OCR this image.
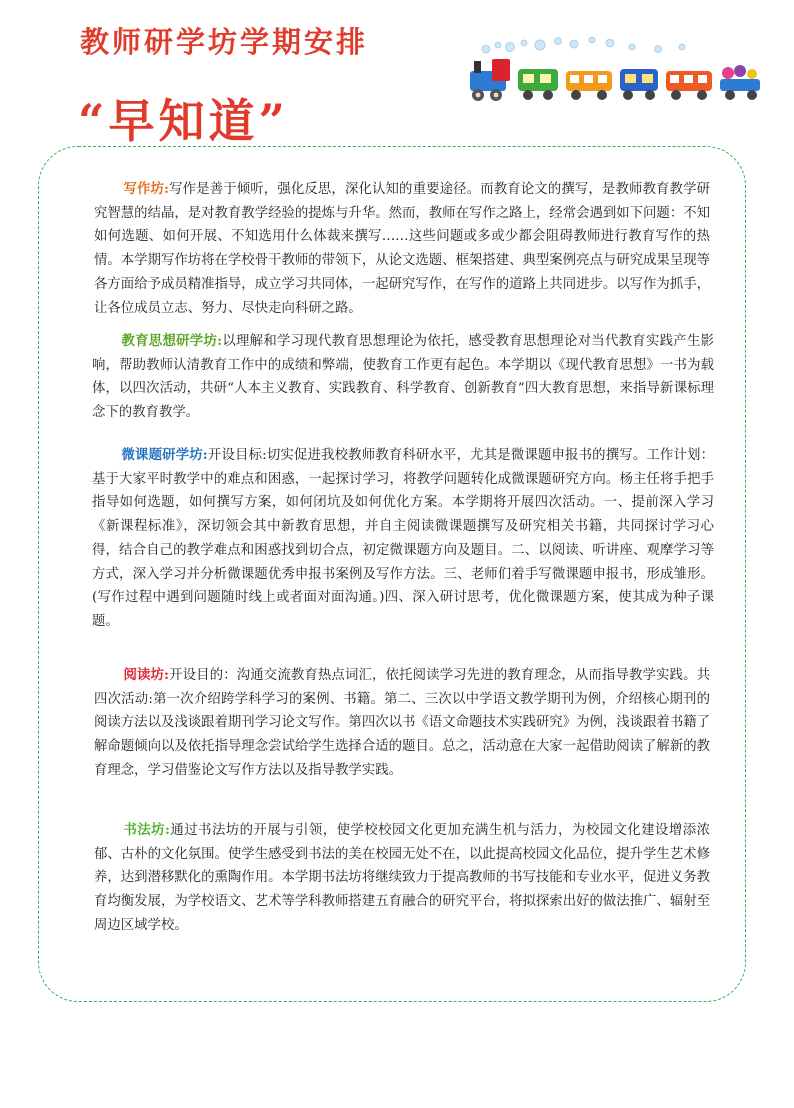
教师研学坊学期安排
“早知道”

写作坊:写作是善于倾听，强化反思，深化认知的重要途径。而教育论文的撰写，是教师教育教学研究智慧的结晶，是对教育教学经验的提炼与升华。然而，教师在写作之路上，经常会遇到如下问题：不知如何选题、如何开展、不知选用什么体裁来撰写……这些问题或多或少都会阻碍教师进行教育写作的热情。本学期写作坊将在学校骨干教师的带领下，从论文选题、框架搭建、典型案例亮点与研究成果呈现等各方面给予成员精准指导，成立学习共同体，一起研究写作，在写作的道路上共同进步。以写作为抓手，让各位成员立志、努力、尽快走向科研之路。

教育思想研学坊:以理解和学习现代教育思想理论为依托，感受教育思想理论对当代教育实践产生影响，帮助教师认清教育工作中的成绩和弊端，使教育工作更有起色。本学期以《现代教育思想》一书为载体，以四次活动，共研“人本主义教育、实践教育、科学教育、创新教育”四大教育思想，来指导新课标理念下的教育教学。

微课题研学坊:开设目标:切实促进我校教师教育科研水平，尤其是微课题申报书的撰写。工作计划：基于大家平时教学中的难点和困惑，一起探讨学习，将教学问题转化成微课题研究方向。杨主任将手把手指导如何选题，如何撰写方案，如何闭坑及如何优化方案。本学期将开展四次活动。一、提前深入学习《新课程标准》，深切领会其中新教育思想，并自主阅读微课题撰写及研究相关书籍，共同探讨学习心得，结合自己的教学难点和困惑找到切合点，初定微课题方向及题目。二、以阅读、听讲座、观摩学习等方式，深入学习并分析微课题优秀申报书案例及写作方法。三、老师们着手写微课题申报书，形成雏形。(写作过程中遇到问题随时线上或者面对面沟通。)四、深入研讨思考，优化微课题方案，使其成为种子课题。

阅读坊:开设目的：沟通交流教育热点词汇，依托阅读学习先进的教育理念，从而指导教学实践。共四次活动:第一次介绍跨学科学习的案例、书籍。第二、三次以中学语文教学期刊为例，介绍核心期刊的阅读方法以及浅谈跟着期刊学习论文写作。第四次以书《语文命题技术实践研究》为例，浅谈跟着书籍了解命题倾向以及依托指导理念尝试给学生选择合适的题目。总之，活动意在大家一起借助阅读了解新的教育理念，学习借鉴论文写作方法以及指导教学实践。

书法坊:通过书法坊的开展与引领，使学校校园文化更加充满生机与活力，为校园文化建设增添浓郁、古朴的文化氛围。使学生感受到书法的美在校园无处不在，以此提高校园文化品位，提升学生艺术修养，达到潜移默化的熏陶作用。本学期书法坊将继续致力于提高教师的书写技能和专业水平，促进义务教育均衡发展，为学校语文、艺术等学科教师搭建五育融合的研究平台，将拟探索出好的做法推广、辐射至周边区域学校。
